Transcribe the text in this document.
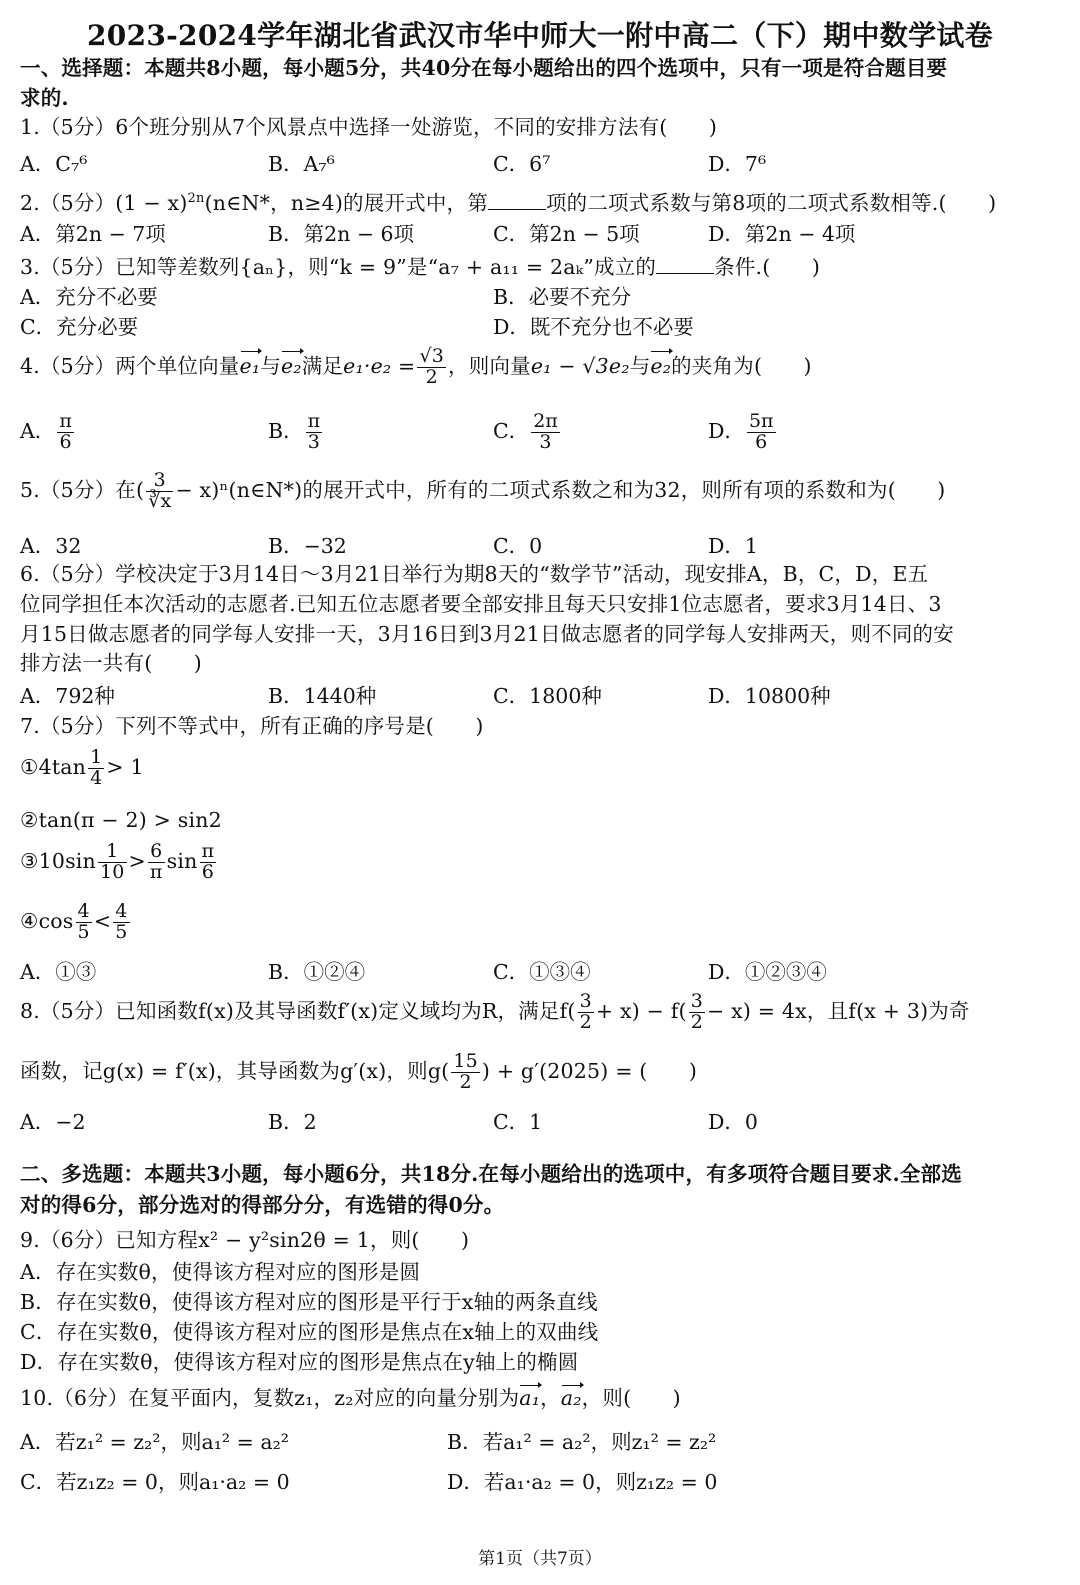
2023-2024学年湖北省武汉市华中师大一附中高二（下）期中数学试卷
一、选择题：本题共8小题，每小题5分，共40分在每小题给出的四个选项中，只有一项是符合题目要
求的.
1.（5分）6个班分别从7个风景点中选择一处游览，不同的安排方法有(　　)
A．C₇⁶	B．A₇⁶	C．6⁷	D．7⁶
2.（5分）$(1 - x)^{2n}(n\in N*$，n≥4)的展开式中，第	项的二项式系数与第8项的二项式系数相等.(　　)
A．第2n − 7项	B．第2n − 6项	C．第2n − 5项	D．第2n − 4项
3.（5分）已知等差数列{aₙ}，则“k = 9”是“a₇ + a₁₁ = 2aₖ”成立的	条件.(　　)
A．充分不必要	B．必要不充分
C．充分必要	D．既不充分也不必要
4.（5分）两个单位向量e₁与e₂满足$e_1\cdot e_2 = \frac{√3}{2}$ ，则向量e₁ − √3e₂与e₂的夹角为(　　)
A． $\frac{\pi}{6}$	B． $\frac{\pi}{3}$	C． $\frac{2\pi}{3}$	D． $\frac{5\pi}{6}$
5.（5分）在( $\frac{3}{∛x}$ − x)ⁿ(n∈N*)的展开式中，所有的二项式系数之和为32，则所有项的系数和为(　　)
A．32	B．−32	C．0	D．1
6.（5分）学校决定于3月14日～3月21日举行为期8天的“数学节”活动，现安排A，B，C，D，E五
位同学担任本次活动的志愿者.已知五位志愿者要全部安排且每天只安排1位志愿者，要求3月14日、3
月15日做志愿者的同学每人安排一天，3月16日到3月21日做志愿者的同学每人安排两天，则不同的安
排方法一共有(　　)
A．792种	B．1440种	C．1800种	D．10800种
7.（5分）下列不等式中，所有正确的序号是(　　)
①4tan $\frac{1}{4} > 1$
②tan(π − 2) > sin2
③10sin $\frac{1}{10} > \frac{6}{\pi}$ $\sin \frac{\pi}{6}$
④cos $\frac{4}{5} < \frac{4}{5}$
A．①③	B．①②④	C．①③④	D．①②③④
8.（5分）已知函数f(x)及其导函数f′(x)定义域均为R，满足$f( \frac{3}{2} + x) - f( \frac{3}{2} - x) = 4x$，且f(x + 3)为奇
函数，记g(x) = f′(x)，其导函数为g′(x)，则$g( \frac{15}{2}$ ) + g′(2025) = (　　)
A．−2	B．2	C．1	D．0
二、多选题：本题共3小题，每小题6分，共18分.在每小题给出的选项中，有多项符合题目要求.全部选
对的得6分，部分选对的得部分分，有选错的得0分。
9.（6分）已知方程x² − y²sin2θ = 1，则(　　)
A．存在实数θ，使得该方程对应的图形是圆
B．存在实数θ，使得该方程对应的图形是平行于x轴的两条直线
C．存在实数θ，使得该方程对应的图形是焦点在x轴上的双曲线
D．存在实数θ，使得该方程对应的图形是焦点在y轴上的椭圆
10.（6分）在复平面内，复数z₁，z₂对应的向量分别为a₁，a₂，则(　　)
A．若z₁² = z₂²，则a₁² = a₂²	B．若a₁² = a₂²，则z₁² = z₂²
C．若z₁z₂ = 0，则a₁·a₂ = 0	D．若a₁·a₂ = 0，则z₁z₂ = 0
第1页（共7页）
